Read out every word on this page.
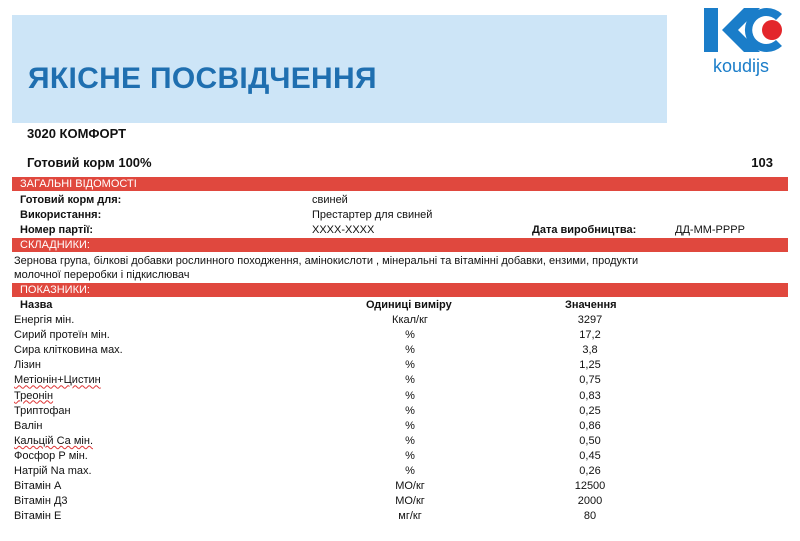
ЯКІСНЕ ПОСВІДЧЕННЯ	koudijs
3020 КОМФОРТ
Готовий корм 100%	103
ЗАГАЛЬНІ ВІДОМОСТІ
Готовий корм для:	свиней
Використання:	Престартер для свиней
Номер партії:	XXXX-XXXX	Дата виробництва:	ДД-ММ-РРРР
СКЛАДНИКИ:
Зернова група, білкові добавки рослинного походження, амінокислоти , мінеральні та вітамінні добавки, ензими, продукти молочної переробки і підкислювач
ПОКАЗНИКИ:
Назва	Одиниці виміру	Значення
Енергія мін.	Ккал/кг	3297
Сирий протеїн мін.	%	17,2
Сира клітковина мах.	%	3,8
Лізин	%	1,25
Метіонін+Цистин	%	0,75
Треонін	%	0,83
Триптофан	%	0,25
Валін	%	0,86
Кальцій Са мін.	%	0,50
Фосфор Р мін.	%	0,45
Натрій Na max.	%	0,26
Вітамін А	МО/кг	12500
Вітамін Д3	МО/кг	2000
Вітамін Е	мг/кг	80
